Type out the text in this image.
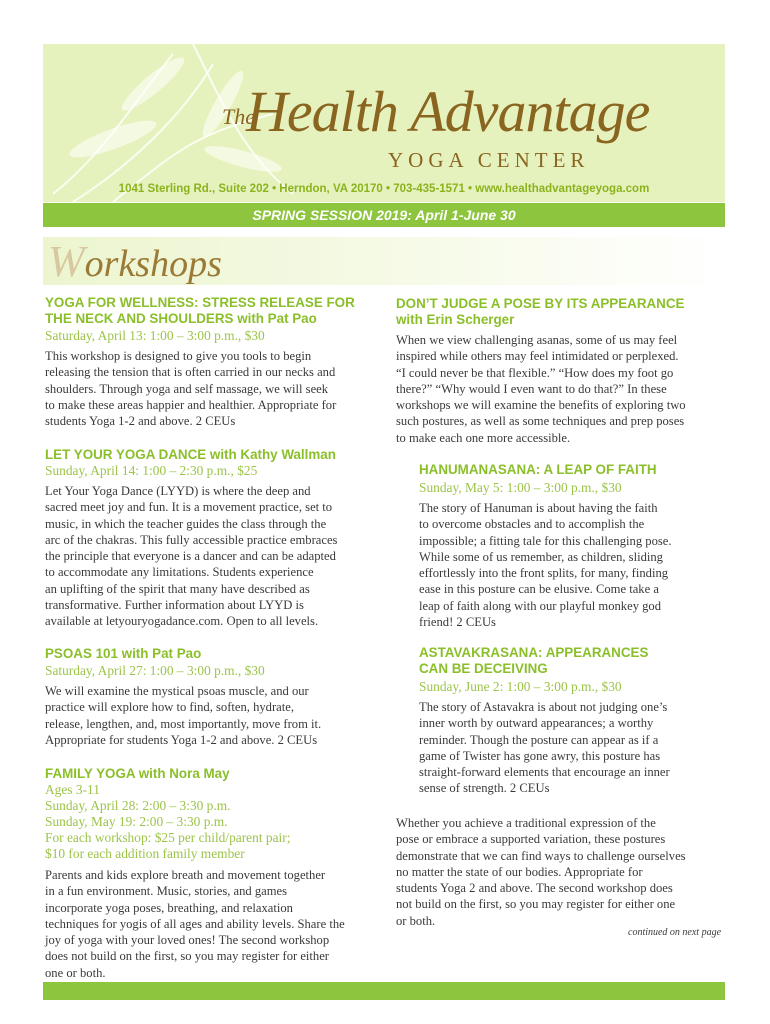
The
Health Advantage
YOGA CENTER
1041 Sterling Rd., Suite 202 • Herndon, VA 20170 • 703-435-1571 • www.healthadvantageyoga.com
SPRING SESSION 2019: April 1-June 30
Workshops
YOGA FOR WELLNESS: STRESS RELEASE FOR
THE NECK AND SHOULDERS with Pat Pao
Saturday, April 13: 1:00 – 3:00 p.m., $30
This workshop is designed to give you tools to begin
releasing the tension that is often carried in our necks and
shoulders. Through yoga and self massage, we will seek
to make these areas happier and healthier. Appropriate for
students Yoga 1-2 and above. 2 CEUs
LET YOUR YOGA DANCE with Kathy Wallman
Sunday, April 14: 1:00 – 2:30 p.m., $25
Let Your Yoga Dance (LYYD) is where the deep and
sacred meet joy and fun. It is a movement practice, set to
music, in which the teacher guides the class through the
arc of the chakras. This fully accessible practice embraces
the principle that everyone is a dancer and can be adapted
to accommodate any limitations. Students experience
an uplifting of the spirit that many have described as
transformative. Further information about LYYD is
available at letyouryogadance.com. Open to all levels.
PSOAS 101 with Pat Pao
Saturday, April 27: 1:00 – 3:00 p.m., $30
We will examine the mystical psoas muscle, and our
practice will explore how to find, soften, hydrate,
release, lengthen, and, most importantly, move from it.
Appropriate for students Yoga 1-2 and above. 2 CEUs
FAMILY YOGA with Nora May
Ages 3-11
Sunday, April 28: 2:00 – 3:30 p.m.
Sunday, May 19: 2:00 – 3:30 p.m.
For each workshop: $25 per child/parent pair;
$10 for each addition family member
Parents and kids explore breath and movement together
in a fun environment. Music, stories, and games
incorporate yoga poses, breathing, and relaxation
techniques for yogis of all ages and ability levels. Share the
joy of yoga with your loved ones! The second workshop
does not build on the first, so you may register for either
one or both.
DON’T JUDGE A POSE BY ITS APPEARANCE
with Erin Scherger
When we view challenging asanas, some of us may feel
inspired while others may feel intimidated or perplexed.
“I could never be that flexible.” “How does my foot go
there?” “Why would I even want to do that?” In these
workshops we will examine the benefits of exploring two
such postures, as well as some techniques and prep poses
to make each one more accessible.
HANUMANASANA: A LEAP OF FAITH
Sunday, May 5: 1:00 – 3:00 p.m., $30
The story of Hanuman is about having the faith
to overcome obstacles and to accomplish the
impossible; a fitting tale for this challenging pose.
While some of us remember, as children, sliding
effortlessly into the front splits, for many, finding
ease in this posture can be elusive. Come take a
leap of faith along with our playful monkey god
friend! 2 CEUs
ASTAVAKRASANA: APPEARANCES
CAN BE DECEIVING
Sunday, June 2: 1:00 – 3:00 p.m., $30
The story of Astavakra is about not judging one’s
inner worth by outward appearances; a worthy
reminder. Though the posture can appear as if a
game of Twister has gone awry, this posture has
straight-forward elements that encourage an inner
sense of strength. 2 CEUs
Whether you achieve a traditional expression of the
pose or embrace a supported variation, these postures
demonstrate that we can find ways to challenge ourselves
no matter the state of our bodies. Appropriate for
students Yoga 2 and above. The second workshop does
not build on the first, so you may register for either one
or both.
continued on next page
